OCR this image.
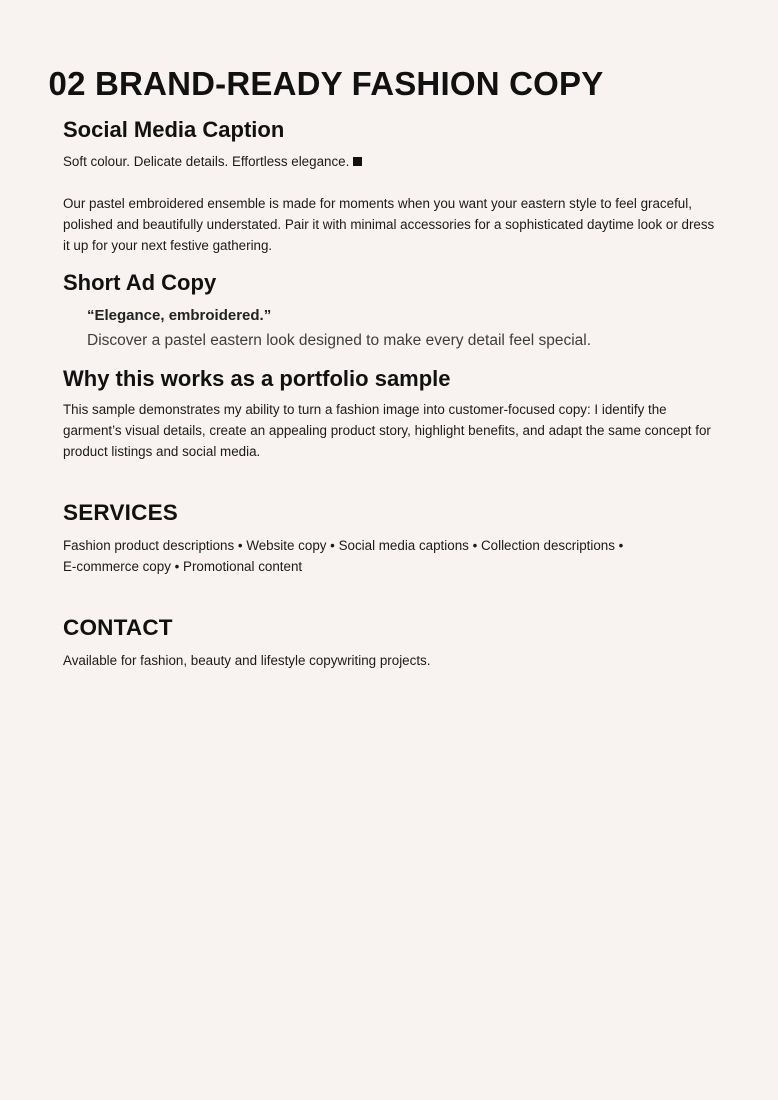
02 BRAND-READY FASHION COPY
Social Media Caption

Soft colour. Delicate details. Effortless elegance.

Our pastel embroidered ensemble is made for moments when you want your eastern style to feel graceful, polished and beautifully understated. Pair it with minimal accessories for a sophisticated daytime look or dress it up for your next festive gathering.

Short Ad Copy
“Elegance, embroidered.”
Discover a pastel eastern look designed to make every detail feel special.
Why this works as a portfolio sample

This sample demonstrates my ability to turn a fashion image into customer-focused copy: I identify the garment’s visual details, create an appealing product story, highlight benefits, and adapt the same concept for product listings and social media.

SERVICES

Fashion product descriptions • Website copy • Social media captions • Collection descriptions •

E-commerce copy • Promotional content

CONTACT

Available for fashion, beauty and lifestyle copywriting projects.
